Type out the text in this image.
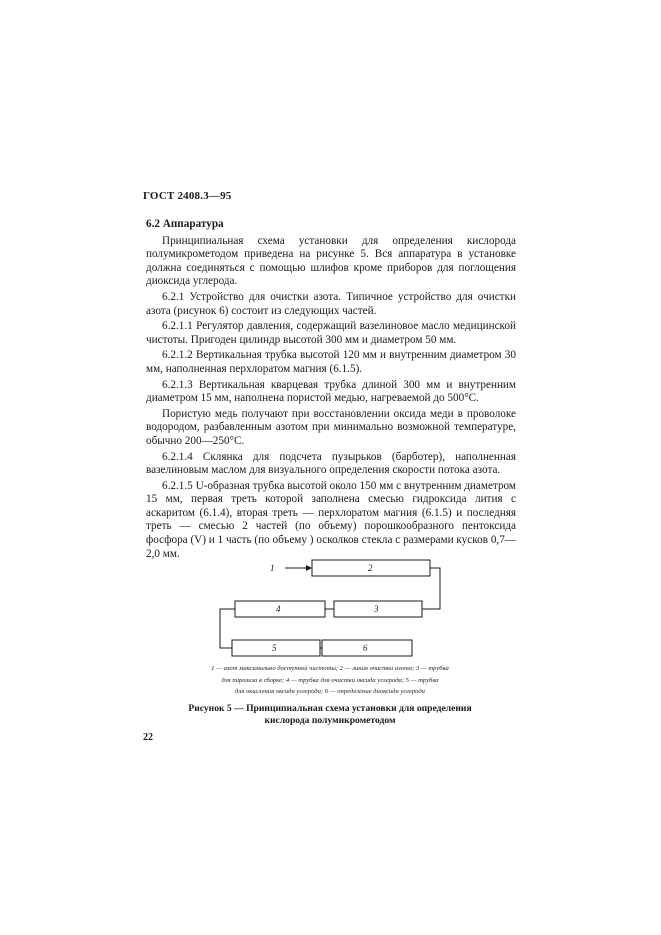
ГОСТ 2408.3—95
6.2 Аппаратура

Принципиальная схема установки для определения кислорода полумикрометодом приведена на рисунке 5. Вся аппаратура в установке должна соединяться с помощью шлифов кроме приборов для поглощения диоксида углерода.

6.2.1 Устройство для очистки азота. Типичное устройство для очистки азота (рисунок 6) состоит из следующих частей.

6.2.1.1 Регулятор давления, содержащий вазелиновое масло медицинской чистоты. Пригоден цилиндр высотой 300 мм и диаметром 50 мм.

6.2.1.2 Вертикальная трубка высотой 120 мм и внутренним диаметром 30 мм, наполненная перхлоратом магния (6.1.5).

6.2.1.3 Вертикальная кварцевая трубка длиной 300 мм и внутренним диаметром 15 мм, наполнена пористой медью, нагреваемой до 500°С.

Пористую медь получают при восстановлении оксида меди в проволоке водородом, разбавленным азотом при минимально возможной температуре, обычно 200—250°С.

6.2.1.4 Склянка для подсчета пузырьков (барботер), наполненная вазелиновым маслом для визуального определения скорости потока азота.

6.2.1.5 U-образная трубка высотой около 150 мм с внутренним диаметром 15 мм, первая треть которой заполнена смесью гидроксида лития с аскаритом (6.1.4), вторая треть — перхлоратом магния (6.1.5) и последняя треть — смесью 2 частей (по объему) порошкообразного пентоксида фосфора (V) и 1 часть (по объему ) осколков стекла с размерами кусков 0,7—2,0 мм.

1	2
3
4
5	6
1 — азот максимально доступной чистоты; 2 — линия очистки азота; 3 — трубка
для пиролиза в сборке; 4 — трубка для очистки оксида углерода; 5 — трубка
для окисления оксида углерода; 6 — определение диоксида углерода
Рисунок 5 — Принципиальная схема установки для определения
кислорода полумикрометодом
22
